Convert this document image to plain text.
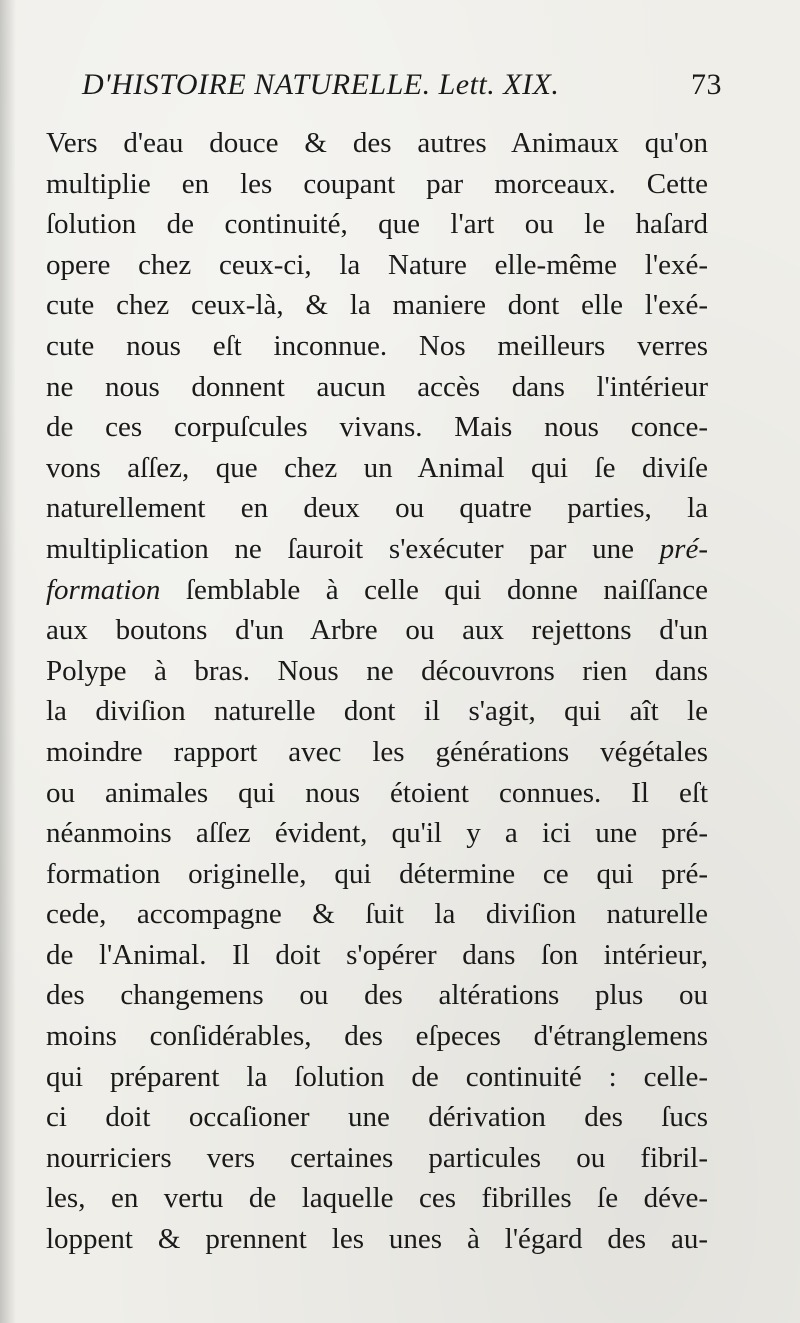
D'HISTOIRE NATURELLE. Lett. XIX.	73
Vers d'eau douce & des autres Animaux qu'on
multiplie en les coupant par morceaux. Cette
ſolution de continuité, que l'art ou le haſard
opere chez ceux-ci, la Nature elle-même l'exé-
cute chez ceux-là, & la maniere dont elle l'exé-
cute nous eſt inconnue. Nos meilleurs verres
ne nous donnent aucun accès dans l'intérieur
de ces corpuſcules vivans. Mais nous conce-
vons aſſez, que chez un Animal qui ſe diviſe
naturellement en deux ou quatre parties, la
multiplication ne ſauroit s'exécuter par une pré-
formation ſemblable à celle qui donne naiſſance
aux boutons d'un Arbre ou aux rejettons d'un
Polype à bras. Nous ne découvrons rien dans
la diviſion naturelle dont il s'agit, qui aît le
moindre rapport avec les générations végétales
ou animales qui nous étoient connues. Il eſt
néanmoins aſſez évident, qu'il y a ici une pré-
formation originelle, qui détermine ce qui pré-
cede, accompagne & ſuit la diviſion naturelle
de l'Animal. Il doit s'opérer dans ſon intérieur,
des changemens ou des altérations plus ou
moins conſidérables, des eſpeces d'étranglemens
qui préparent la ſolution de continuité : celle-
ci doit occaſioner une dérivation des ſucs
nourriciers vers certaines particules ou fibril-
les, en vertu de laquelle ces fibrilles ſe déve-
loppent & prennent les unes à l'égard des au-
